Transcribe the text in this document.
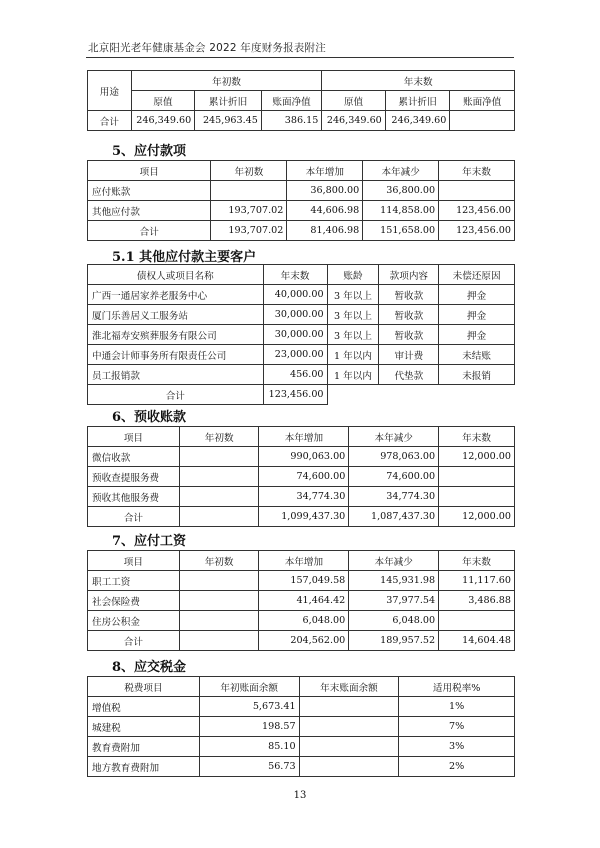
北京阳光老年健康基金会 2022 年度财务报表附注
用途	年初数			年末数		
	原值	累计折旧	账面净值	原值	累计折旧	账面净值
合计	246,349.60	245,963.45	386.15	246,349.60	246,349.60	
5、应付款项
项目	年初数	本年增加	本年减少	年末数
应付账款		36,800.00	36,800.00	
其他应付款	193,707.02	44,606.98	114,858.00	123,456.00
合计	193,707.02	81,406.98	151,658.00	123,456.00
5.1 其他应付款主要客户
债权人或项目名称	年末数	账龄	款项内容	未偿还原因
广西一通居家养老服务中心	40,000.00	3 年以上	暂收款	押金
厦门乐善居义工服务站	30,000.00	3 年以上	暂收款	押金
淮北福寿安殡葬服务有限公司	30,000.00	3 年以上	暂收款	押金
中通会计师事务所有限责任公司	23,000.00	1 年以内	审计费	未结账
员工报销款	456.00	1 年以内	代垫款	未报销
合计	123,456.00			
6、预收账款
项目	年初数	本年增加	本年减少	年末数
微信收款		990,063.00	978,063.00	12,000.00
预收查提服务费		74,600.00	74,600.00	
预收其他服务费		34,774.30	34,774.30	
合计		1,099,437.30	1,087,437.30	12,000.00
7、应付工资
项目	年初数	本年增加	本年减少	年末数
职工工资		157,049.58	145,931.98	11,117.60
社会保险费		41,464.42	37,977.54	3,486.88
住房公积金		6,048.00	6,048.00	
合计		204,562.00	189,957.52	14,604.48
8、应交税金
税费项目	年初账面余额	年末账面余额	适用税率%
增值税	5,673.41		1%
城建税	198.57		7%
教育费附加	85.10		3%
地方教育费附加	56.73		2%
13
